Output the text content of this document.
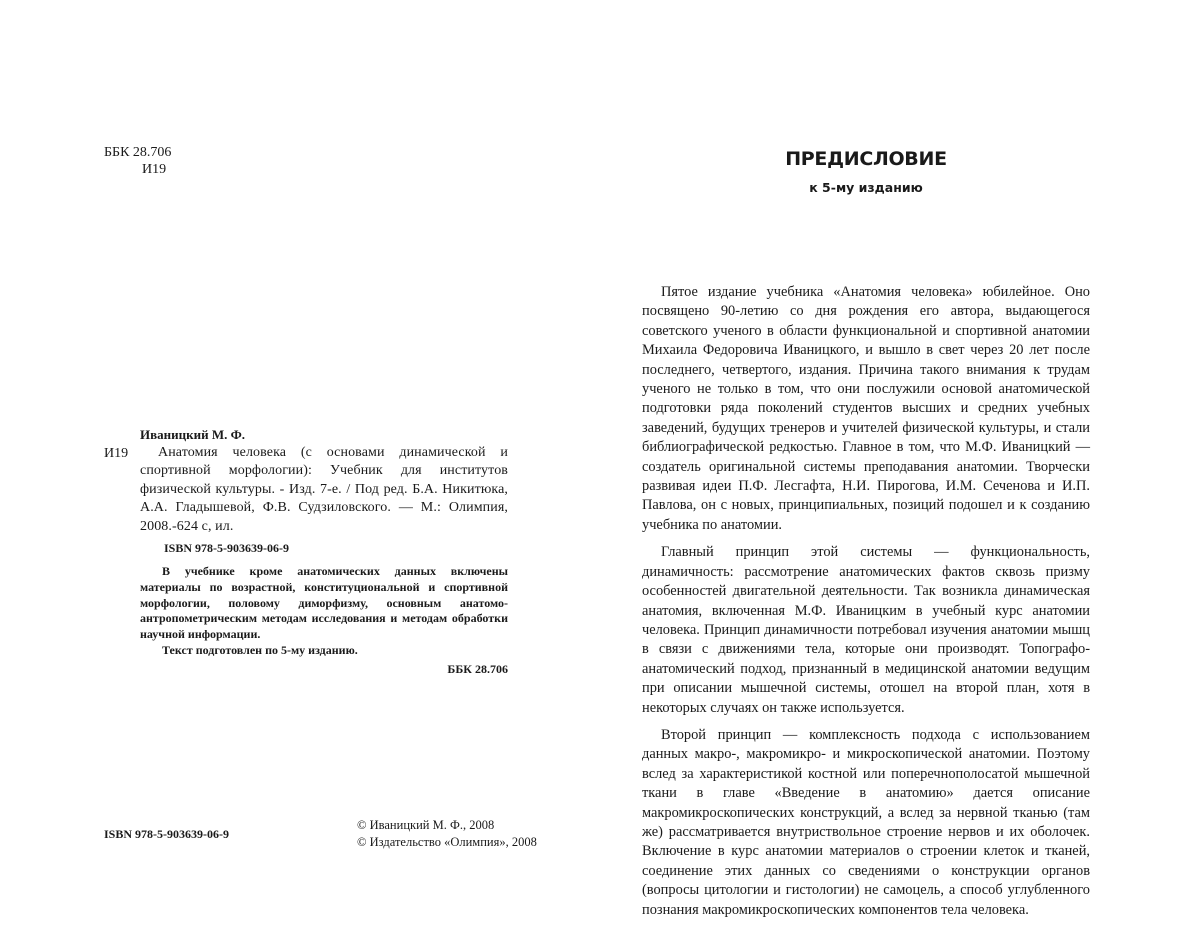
ББК 28.706
И19
Иваницкий М. Ф.
И19	Анатомия человека (с основами динамической и спортивной морфологии): Учебник для институтов физической культуры. - Изд. 7-е. / Под ред. Б.А. Никитюка, А.А. Гладышевой, Ф.В. Судзиловского. — М.: Олимпия, 2008.-624 с, ил.
ISBN 978-5-903639-06-9

В учебнике кроме анатомических данных включены материалы по возрастной, конституциональной и спортивной морфологии, половому диморфизму, основным анатомо-антропометрическим методам исследования и методам обработки научной информации.

Текст подготовлен по 5-му изданию.

ББК 28.706
ISBN 978-5-903639-06-9
© Иваницкий М. Ф., 2008
© Издательство «Олимпия», 2008
ПРЕДИСЛОВИЕ
к 5-му изданию

Пятое издание учебника «Анатомия человека» юбилейное. Оно посвящено 90-летию со дня рождения его автора, выдающегося советского ученого в области функциональной и спортивной анатомии Михаила Федоровича Иваницкого, и вышло в свет через 20 лет после последнего, четвертого, издания. Причина такого внимания к трудам ученого не только в том, что они послужили основой анатомической подготовки ряда поколений студентов высших и средних учебных заведений, будущих тренеров и учителей физической культуры, и стали библиографической редкостью. Главное в том, что М.Ф. Иваницкий — создатель оригинальной системы преподавания анатомии. Творчески развивая идеи П.Ф. Лесгафта, Н.И. Пирогова, И.М. Сеченова и И.П. Павлова, он с новых, принципиальных, позиций подошел и к созданию учебника по анатомии.

Главный принцип этой системы — функциональность, динамичность: рассмотрение анатомических фактов сквозь призму особенностей двигательной деятельности. Так возникла динамическая анатомия, включенная М.Ф. Иваницким в учебный курс анатомии человека. Принцип динамичности потребовал изучения анатомии мышц в связи с движениями тела, которые они производят. Топографо-анатомический подход, признанный в медицинской анатомии ведущим при описании мышечной системы, отошел на второй план, хотя в некоторых случаях он также используется.

Второй принцип — комплексность подхода с использованием данных макро-, макромикро- и микроскопической анатомии. Поэтому вслед за характеристикой костной или поперечнополосатой мышечной ткани в главе «Введение в анатомию» дается описание макромикроскопических конструкций, а вслед за нервной тканью (там же) рассматривается внутриствольное строение нервов и их оболочек. Включение в курс анатомии материалов о строении клеток и тканей, соединение этих данных со сведениями о конструкции органов (вопросы цитологии и гистологии) не самоцель, а способ углубленного познания макромикроскопических компонентов тела человека.
